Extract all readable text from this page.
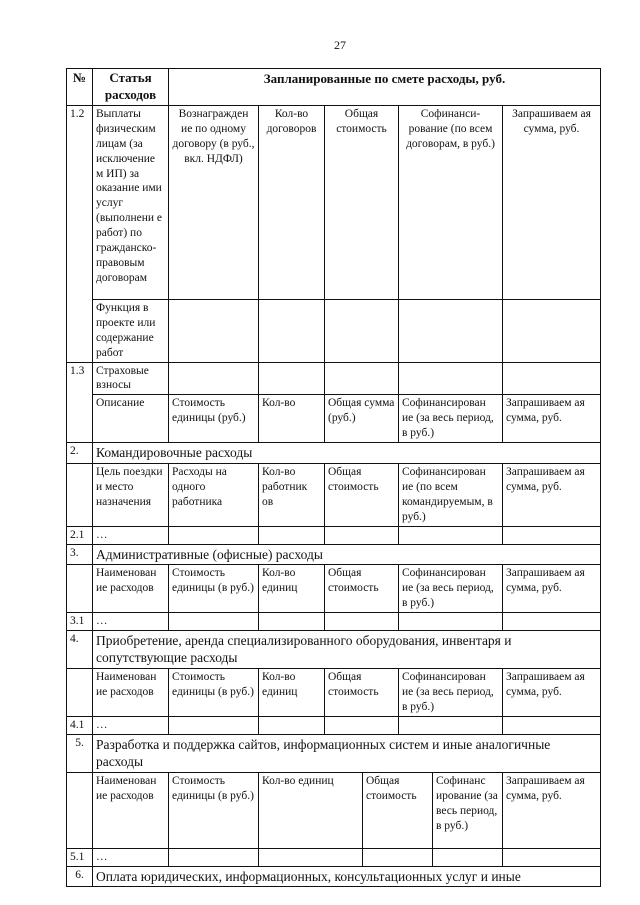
27
№	Статья расходов	Запланированные по смете расходы, руб.						
1.2	Выплаты физическим лицам (за исключение м ИП) за оказание ими услуг (выполнени е работ) по гражданско-правовым договорам	Вознагражден ие по одному договору (в руб., вкл. НДФЛ)	Кол-во договоров	Общая стоимость		Софинанси-рование (по всем договорам, в руб.)		Запрашиваем ая сумма, руб.
	Функция в проекте или содержание работ							
1.3	Страховые взносы							
	Описание	Стоимость единицы (руб.)	Кол-во	Общая сумма (руб.)		Софинансирован ие (за весь период, в руб.)		Запрашиваем ая сумма, руб.
2.	Командировочные расходы							
	Цель поездки и место назначения	Расходы на одного работника	Кол-во работник ов	Общая стоимость		Софинансирован ие (по всем командируемым, в руб.)		Запрашиваем ая сумма, руб.
2.1	…							
3.	Административные (офисные) расходы							
	Наименован ие расходов	Стоимость единицы (в руб.)	Кол-во единиц	Общая стоимость		Софинансирован ие (за весь период, в руб.)		Запрашиваем ая сумма, руб.
3.1	…							
4.	Приобретение, аренда специализированного оборудования, инвентаря и сопутствующие расходы							
	Наименован ие расходов	Стоимость единицы (в руб.)	Кол-во единиц	Общая стоимость		Софинансирован ие (за весь период, в руб.)		Запрашиваем ая сумма, руб.
4.1	…							
5.	Разработка и поддержка сайтов, информационных систем и иные аналогичные расходы							
	Наименован ие расходов	Стоимость единицы (в руб.)	Кол-во единиц		Общая стоимость		Софинанс ирование (за весь период, в руб.)	Запрашиваем ая сумма, руб.
5.1	…							
6.	Оплата юридических, информационных, консультационных услуг и иные							
